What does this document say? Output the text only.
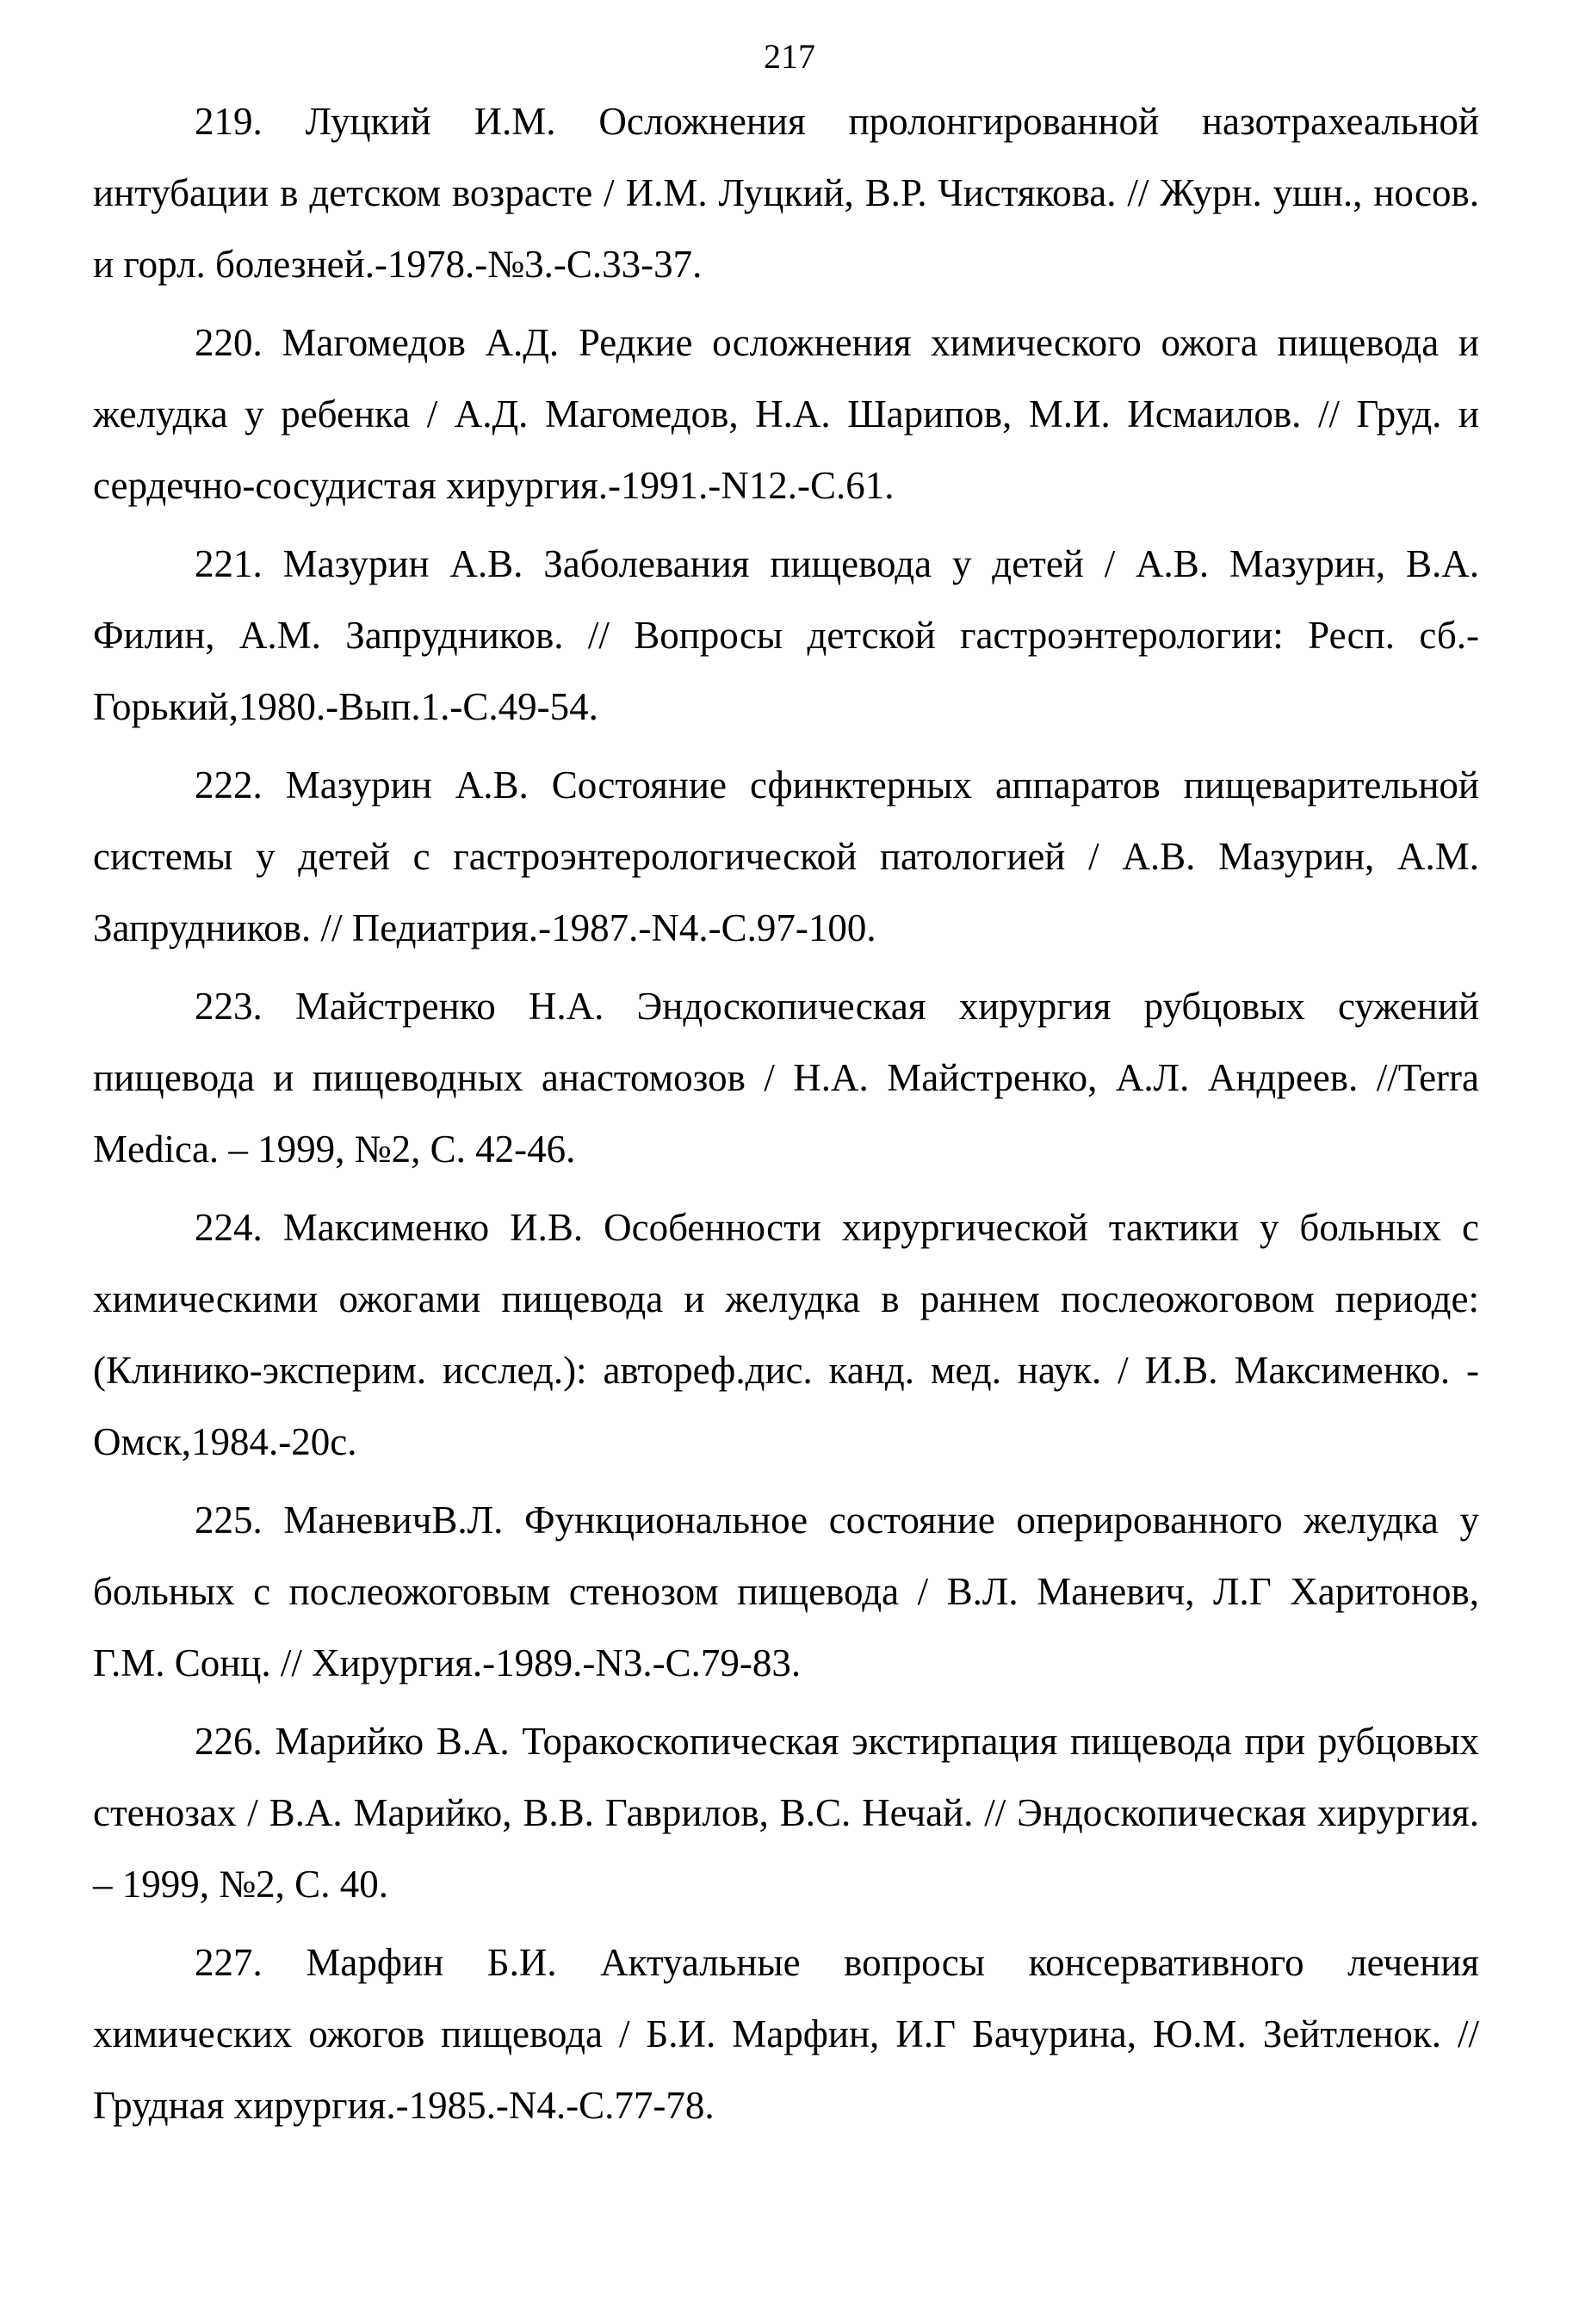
217

219. Луцкий И.М. Осложнения пролонгированной назотрахеальной интубации в детском возрасте / И.М. Луцкий, В.Р. Чистякова. // Журн. ушн., носов. и горл. болезней.-1978.-№3.-С.33-37.

220. Магомедов А.Д. Редкие осложнения химического ожога пищевода и желудка у ребенка / А.Д. Магомедов, Н.А. Шарипов, М.И. Исмаилов. // Груд. и сердечно-сосудистая хирургия.-1991.-N12.-С.61.

221. Мазурин А.В. Заболевания пищевода у детей / А.В. Мазурин, В.А. Филин, А.М. Запрудников. // Вопросы детской гастроэнтерологии: Респ. сб.- Горький,1980.-Вып.1.-С.49-54.

222. Мазурин А.В. Состояние сфинктерных аппаратов пищеварительной системы у детей с гастроэнтерологической патологией / А.В. Мазурин, А.М. Запрудников. // Педиатрия.-1987.-N4.-С.97-100.

223. Майстренко Н.А. Эндоскопическая хирургия рубцовых сужений пищевода и пищеводных анастомозов / Н.А. Майстренко, А.Л. Андреев. //Terra Medica. – 1999, №2, С. 42-46.

224. Максименко И.В. Особенности хирургической тактики у больных с химическими ожогами пищевода и желудка в раннем послеожоговом периоде:(Клинико-эксперим. исслед.): автореф.дис. канд. мед. наук. / И.В. Максименко. - Омск,1984.-20с.

225. МаневичВ.Л. Функциональное состояние оперированного желудка у больных с послеожоговым стенозом пищевода / В.Л. Маневич, Л.Г Харитонов, Г.М. Сонц. // Хирургия.-1989.-N3.-С.79-83.

226. Марийко В.А. Торакоскопическая экстирпация пищевода при рубцовых стенозах / В.А. Марийко, В.В. Гаврилов, В.С. Нечай. // Эндоскопическая хирургия. – 1999, №2, С. 40.

227. Марфин Б.И. Актуальные вопросы консервативного лечения химических ожогов пищевода / Б.И. Марфин, И.Г Бачурина, Ю.М. Зейтленок. // Грудная хирургия.-1985.-N4.-С.77-78.
